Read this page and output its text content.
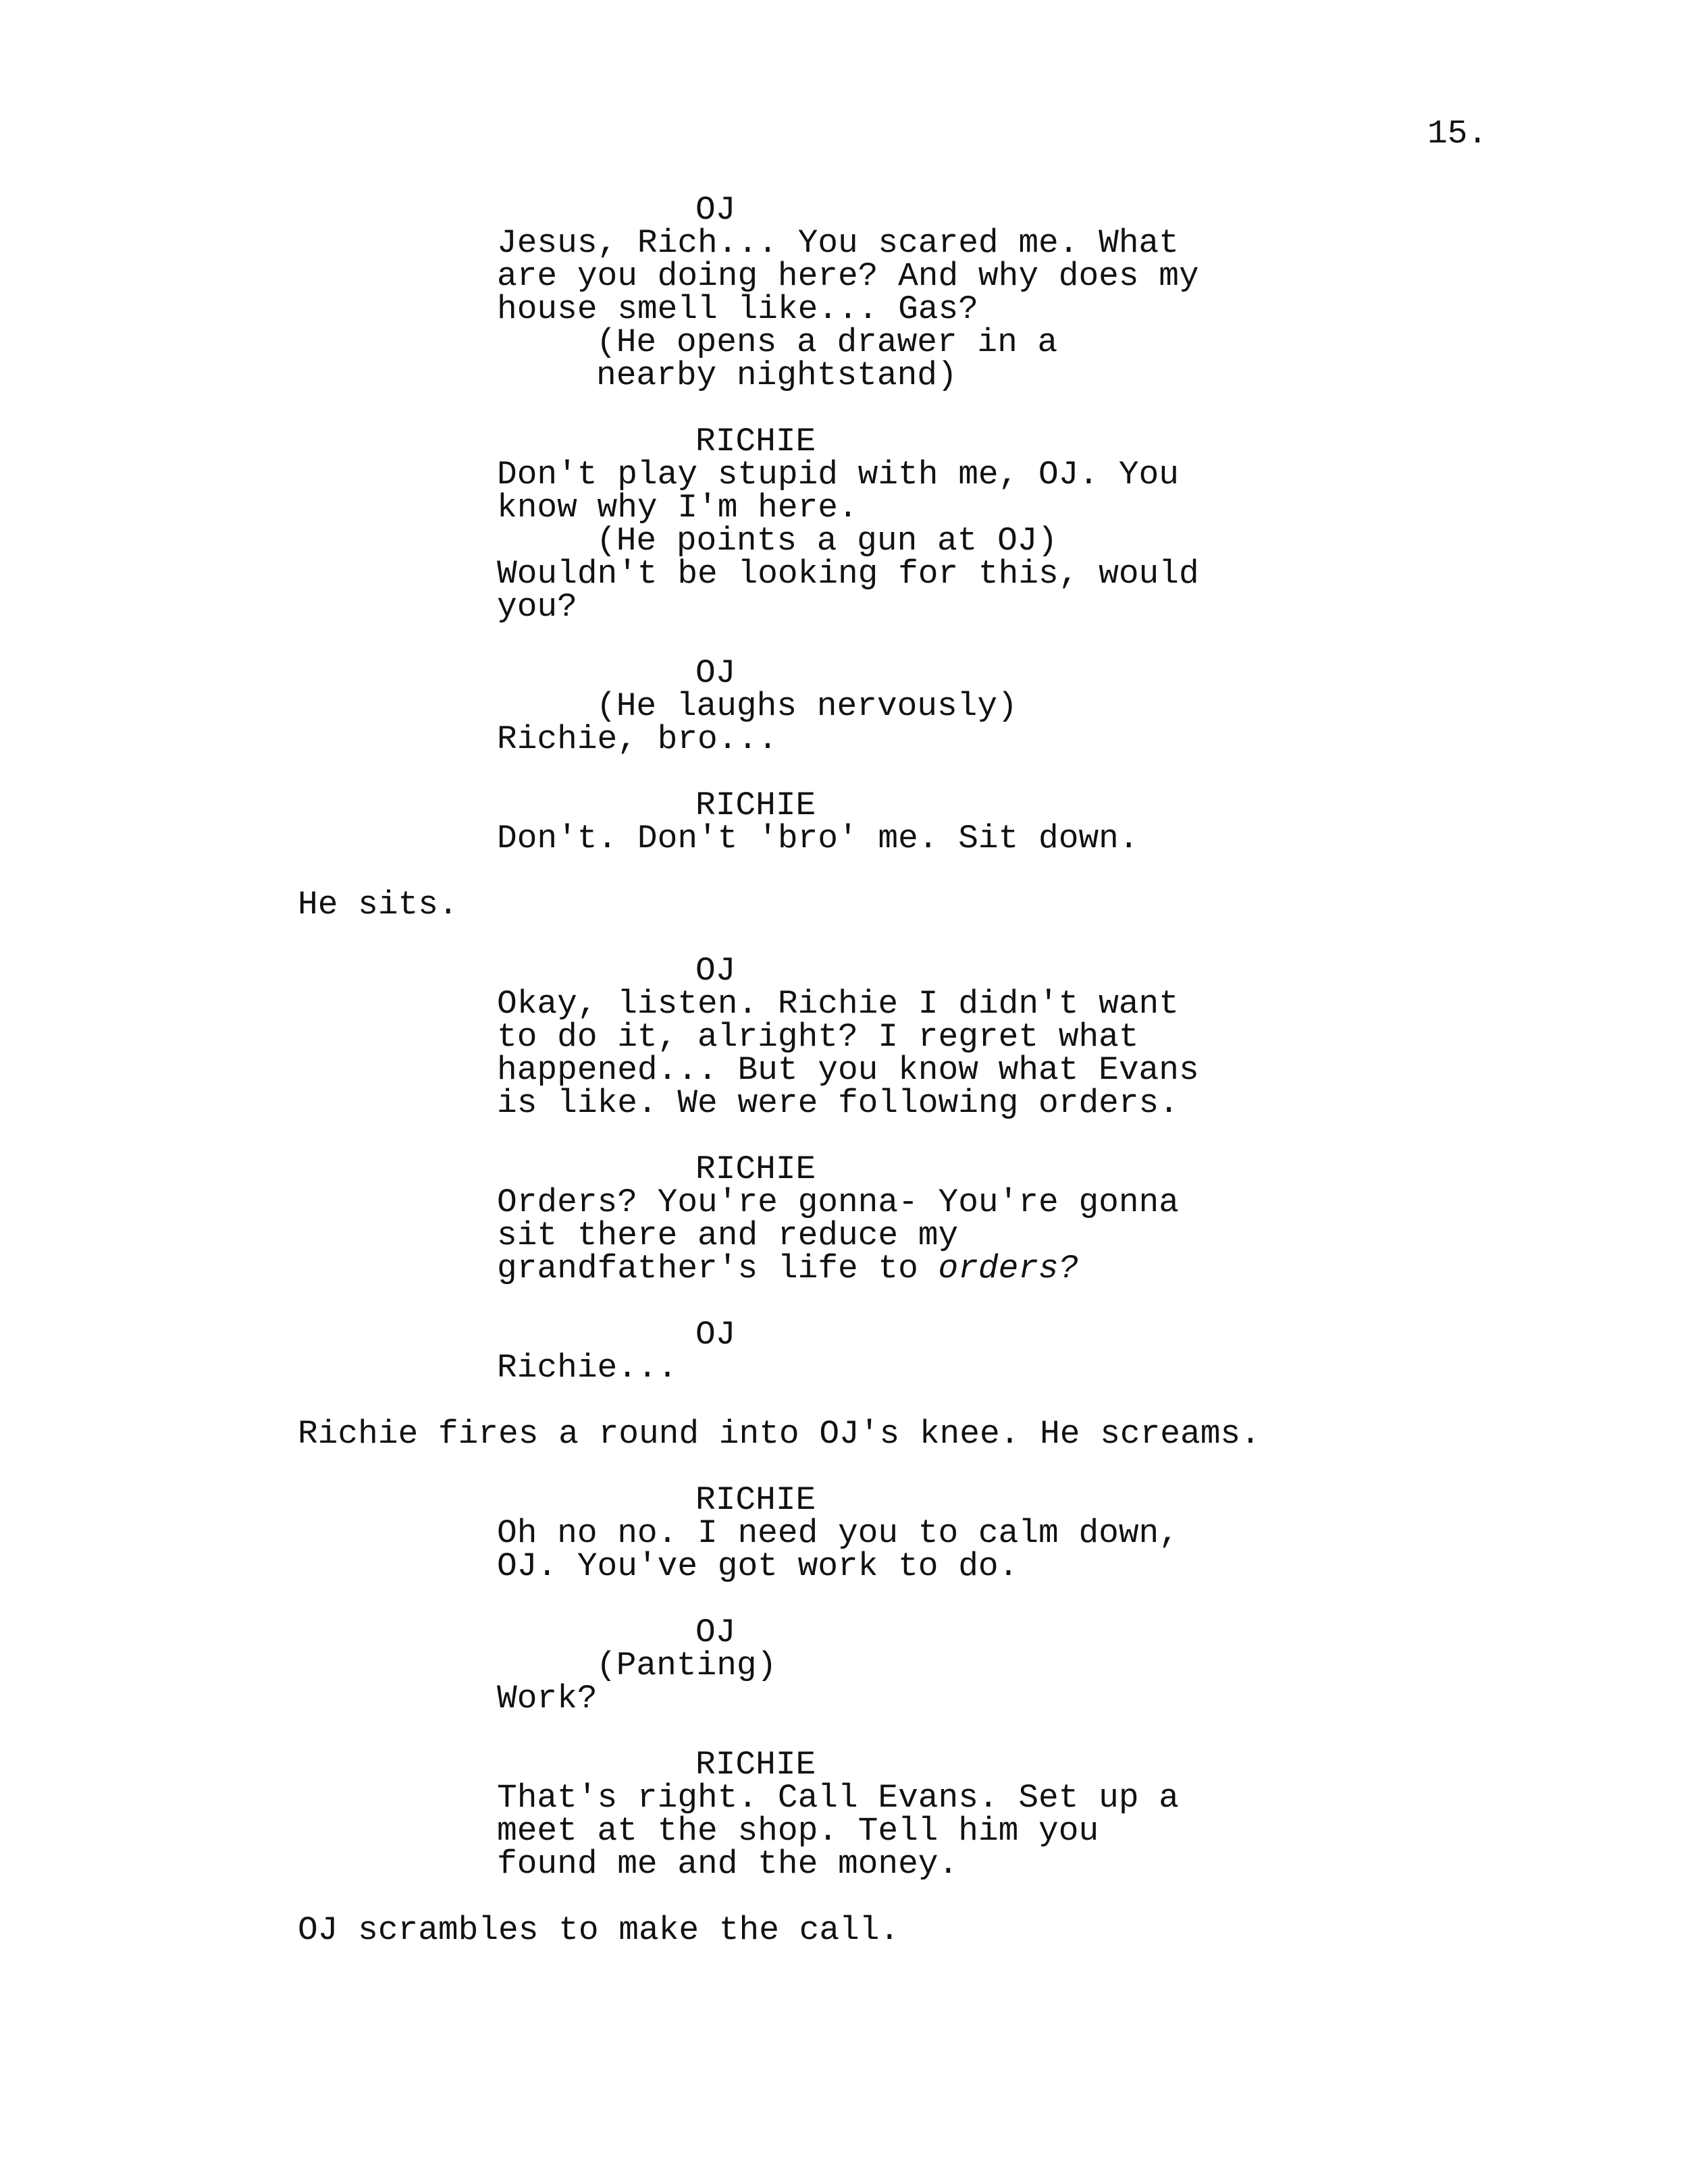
15.
OJ
Jesus, Rich... You scared me. What
are you doing here? And why does my
house smell like... Gas?
(He opens a drawer in a
nearby nightstand)
RICHIE
Don't play stupid with me, OJ. You
know why I'm here.
(He points a gun at OJ)
Wouldn't be looking for this, would
you?
OJ
(He laughs nervously)
Richie, bro...
RICHIE
Don't. Don't 'bro' me. Sit down.
He sits.
OJ
Okay, listen. Richie I didn't want
to do it, alright? I regret what
happened... But you know what Evans
is like. We were following orders.
RICHIE
Orders? You're gonna- You're gonna
sit there and reduce my
grandfather's life to orders?
OJ
Richie...
Richie fires a round into OJ's knee. He screams.
RICHIE
Oh no no. I need you to calm down,
OJ. You've got work to do.
OJ
(Panting)
Work?
RICHIE
That's right. Call Evans. Set up a
meet at the shop. Tell him you
found me and the money.
OJ scrambles to make the call.
